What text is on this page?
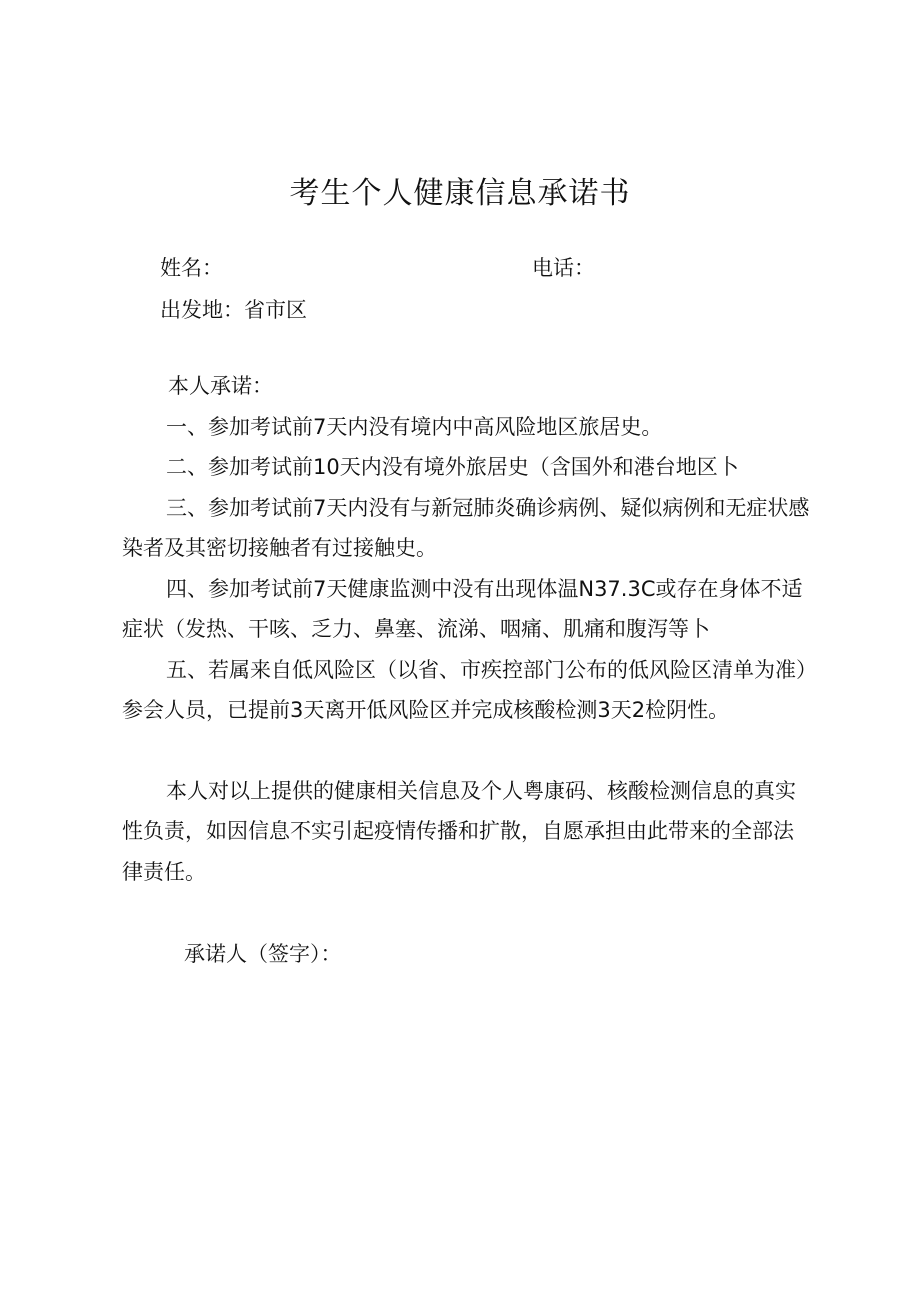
考生个人健康信息承诺书
姓名：	电话：
出发地：省市区

本人承诺：

一、参加考试前7天内没有境内中高风险地区旅居史。

二、参加考试前10天内没有境外旅居史（含国外和港台地区卜

三、参加考试前7天内没有与新冠肺炎确诊病例、疑似病例和无症状感染者及其密切接触者有过接触史。

四、参加考试前7天健康监测中没有出现体温N37.3C或存在身体不适症状（发热、干咳、乏力、鼻塞、流涕、咽痛、肌痛和腹泻等卜

五、若属来自低风险区（以省、市疾控部门公布的低风险区清单为准）参会人员，已提前3天离开低风险区并完成核酸检测3天2检阴性。

本人对以上提供的健康相关信息及个人粤康码、核酸检测信息的真实性负责，如因信息不实引起疫情传播和扩散，自愿承担由此带来的全部法律责任。

承诺人（签字）：
